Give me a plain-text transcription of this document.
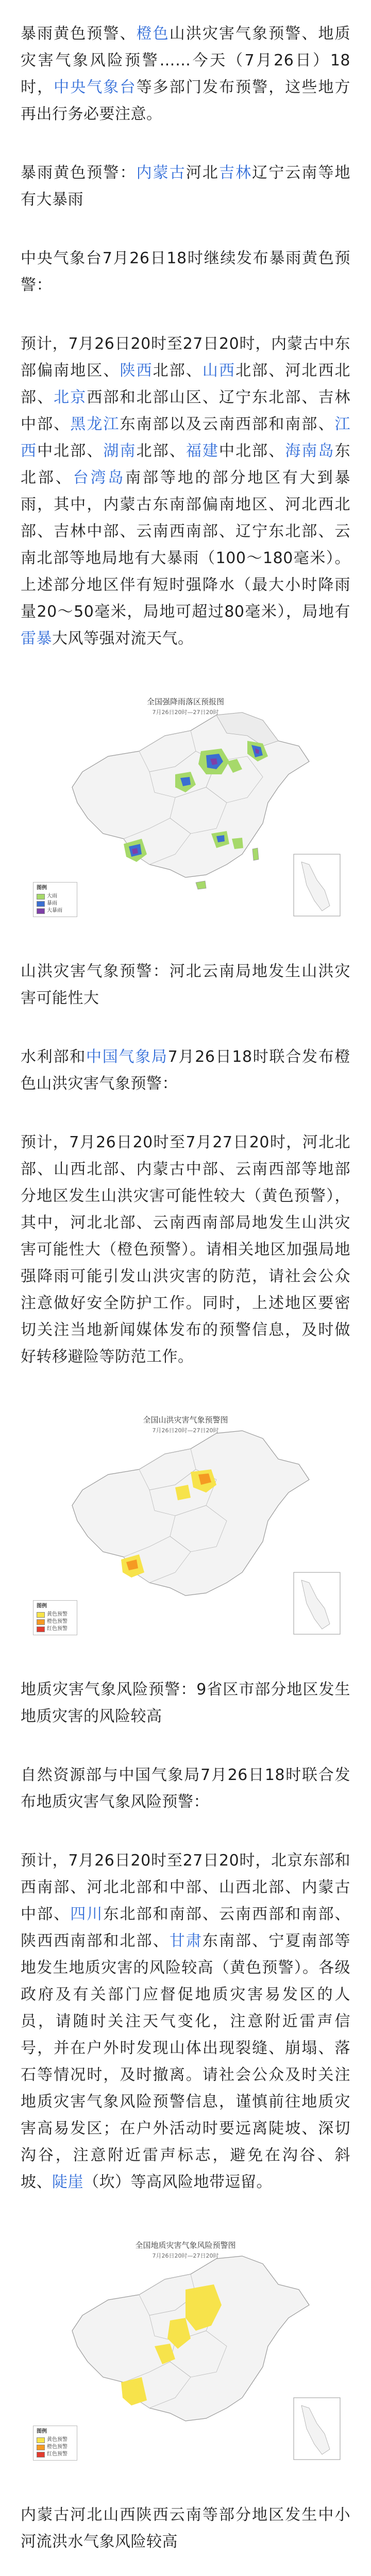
暴雨黄色预警、橙色山洪灾害气象预警、地质灾害气象风险预警……今天（7月26日）18时，中央气象台等多部门发布预警，这些地方再出行务必要注意。

暴雨黄色预警：内蒙古河北吉林辽宁云南等地有大暴雨

中央气象台7月26日18时继续发布暴雨黄色预警：

预计，7月26日20时至27日20时，内蒙古中东部偏南地区、陕西北部、山西北部、河北西北部、北京西部和北部山区、辽宁东北部、吉林中部、黑龙江东南部以及云南西部和南部、江西中北部、湖南北部、福建中北部、海南岛东北部、台湾岛南部等地的部分地区有大到暴雨，其中，内蒙古东南部偏南地区、河北西北部、吉林中部、云南西南部、辽宁东北部、云南北部等地局地有大暴雨（100～180毫米）。上述部分地区伴有短时强降水（最大小时降雨量20～50毫米，局地可超过80毫米），局地有雷暴大风等强对流天气。

全国强降雨落区预报图
7月26日20时—27日20时
图例
大雨
暴雨
大暴雨

山洪灾害气象预警：河北云南局地发生山洪灾害可能性大

水利部和中国气象局7月26日18时联合发布橙色山洪灾害气象预警：

预计，7月26日20时至7月27日20时，河北北部、山西北部、内蒙古中部、云南西部等地部分地区发生山洪灾害可能性较大（黄色预警），其中，河北北部、云南西南部局地发生山洪灾害可能性大（橙色预警）。请相关地区加强局地强降雨可能引发山洪灾害的防范，请社会公众注意做好安全防护工作。同时，上述地区要密切关注当地新闻媒体发布的预警信息，及时做好转移避险等防范工作。

全国山洪灾害气象预警图
7月26日20时—27日20时
图例
黄色预警
橙色预警
红色预警

地质灾害气象风险预警：9省区市部分地区发生地质灾害的风险较高

自然资源部与中国气象局7月26日18时联合发布地质灾害气象风险预警：

预计，7月26日20时至27日20时，北京东部和西南部、河北北部和中部、山西北部、内蒙古中部、四川东北部和南部、云南西部和南部、陕西西南部和北部、甘肃东南部、宁夏南部等地发生地质灾害的风险较高（黄色预警）。各级政府及有关部门应督促地质灾害易发区的人员，请随时关注天气变化，注意附近雷声信号，并在户外时发现山体出现裂缝、崩塌、落石等情况时，及时撤离。请社会公众及时关注地质灾害气象风险预警信息，谨慎前往地质灾害高易发区；在户外活动时要远离陡坡、深切沟谷，注意附近雷声标志，避免在沟谷、斜坡、陡崖（坎）等高风险地带逗留。

全国地质灾害气象风险预警图
7月26日20时—27日20时
图例
黄色预警
橙色预警
红色预警

内蒙古河北山西陕西云南等部分地区发生中小河流洪水气象风险较高
